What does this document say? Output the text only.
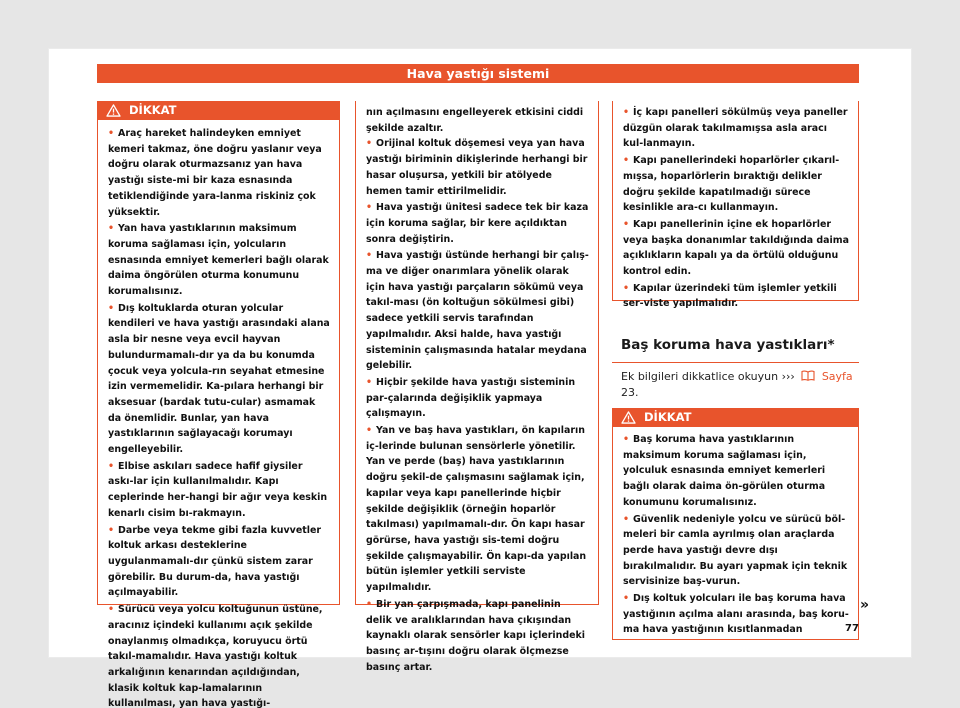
Hava yastığı sistemi
DİKKAT

• Araç hareket halindeyken emniyet kemeri takmaz, öne doğru yaslanır veya doğru olarak oturmazsanız yan hava yastığı siste-mi bir kaza esnasında tetiklendiğinde yara-lanma riskiniz çok yüksektir.

• Yan hava yastıklarının maksimum koruma sağlaması için, yolcuların esnasında emniyet kemerleri bağlı olarak daima öngörülen oturma konumunu korumalısınız.

• Dış koltuklarda oturan yolcular kendileri ve hava yastığı arasındaki alana asla bir nesne veya evcil hayvan bulundurmamalı-dır ya da bu konumda çocuk veya yolcula-rın seyahat etmesine izin vermemelidir. Ka-pılara herhangi bir aksesuar (bardak tutu-cular) asmamak da önemlidir. Bunlar, yan hava yastıklarının sağlayacağı korumayı engelleyebilir.

• Elbise askıları sadece hafif giysiler askı-lar için kullanılmalıdır. Kapı ceplerinde her-hangi bir ağır veya keskin kenarlı cisim bı-rakmayın.

• Darbe veya tekme gibi fazla kuvvetler koltuk arkası desteklerine uygulanmamalı-dır çünkü sistem zarar görebilir. Bu durum-da, hava yastığı açılmayabilir.

• Sürücü veya yolcu koltuğunun üstüne, aracınız içindeki kullanımı açık şekilde onaylanmış olmadıkça, koruyucu örtü takıl-mamalıdır. Hava yastığı koltuk arkalığının kenarından açıldığından, klasik koltuk kap-lamalarının kullanılması, yan hava yastığı-

nın açılmasını engelleyerek etkisini ciddi şekilde azaltır.

• Orijinal koltuk döşemesi veya yan hava yastığı biriminin dikişlerinde herhangi bir hasar oluşursa, yetkili bir atölyede hemen tamir ettirilmelidir.

• Hava yastığı ünitesi sadece tek bir kaza için koruma sağlar, bir kere açıldıktan sonra değiştirin.

• Hava yastığı üstünde herhangi bir çalış-ma ve diğer onarımlara yönelik olarak için hava yastığı parçaların sökümü veya takıl-ması (ön koltuğun sökülmesi gibi) sadece yetkili servis tarafından yapılmalıdır. Aksi halde, hava yastığı sisteminin çalışmasında hatalar meydana gelebilir.

• Hiçbir şekilde hava yastığı sisteminin par-çalarında değişiklik yapmaya çalışmayın.

• Yan ve baş hava yastıkları, ön kapıların iç-lerinde bulunan sensörlerle yönetilir. Yan ve perde (baş) hava yastıklarının doğru şekil-de çalışmasını sağlamak için, kapılar veya kapı panellerinde hiçbir şekilde değişiklik (örneğin hoparlör takılması) yapılmamalı-dır. Ön kapı hasar görürse, hava yastığı sis-temi doğru şekilde çalışmayabilir. Ön kapı-da yapılan bütün işlemler yetkili serviste yapılmalıdır.

• Bir yan çarpışmada, kapı panelinin delik ve aralıklarından hava çıkışından kaynaklı olarak sensörler kapı içlerindeki basınç ar-tışını doğru olarak ölçmezse basınç artar.

• İç kapı panelleri sökülmüş veya paneller düzgün olarak takılmamışsa asla aracı kul-lanmayın.

• Kapı panellerindeki hoparlörler çıkarıl-mışsa, hoparlörlerin bıraktığı delikler doğru şekilde kapatılmadığı sürece kesinlikle ara-cı kullanmayın.

• Kapı panellerinin içine ek hoparlörler veya başka donanımlar takıldığında daima açıklıkların kapalı ya da örtülü olduğunu kontrol edin.

• Kapılar üzerindeki tüm işlemler yetkili ser-viste yapılmalıdır.

Baş koruma hava yastıkları*
Ek bilgileri dikkatlice okuyun ››› Sayfa
23.
DİKKAT

• Baş koruma hava yastıklarının maksimum koruma sağlaması için, yolculuk esnasında emniyet kemerleri bağlı olarak daima ön-görülen oturma konumunu korumalısınız.

• Güvenlik nedeniyle yolcu ve sürücü böl-meleri bir camla ayrılmış olan araçlarda perde hava yastığı devre dışı bırakılmalıdır. Bu ayarı yapmak için teknik servisinize baş-vurun.

• Dış koltuk yolcuları ile baş koruma hava yastığının açılma alanı arasında, baş koru-ma hava yastığının kısıtlanmadan

»
77
